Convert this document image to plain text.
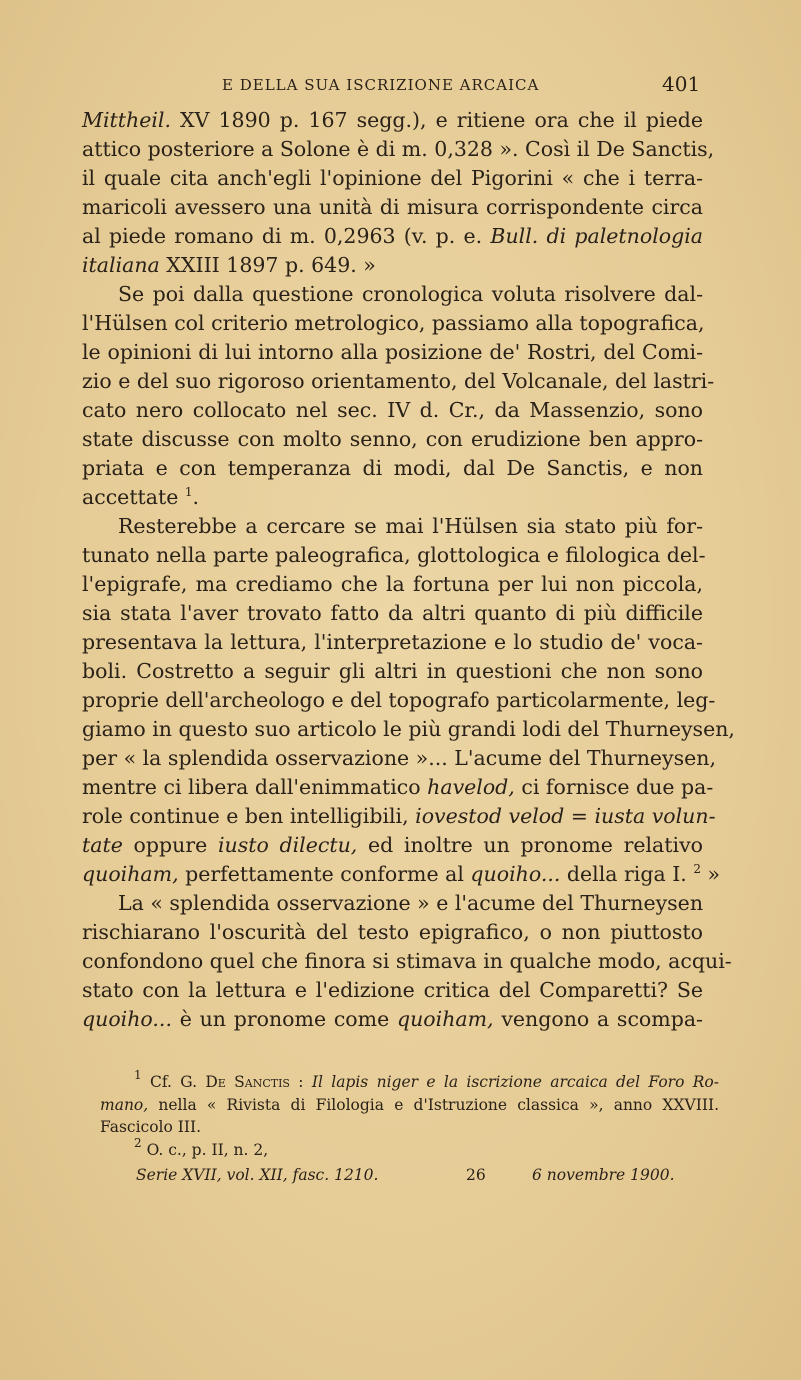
E DELLA SUA ISCRIZIONE ARCAICA	401
Mittheil. XV 1890 p. 167 segg.), e ritiene ora che il piede
attico posteriore a Solone è di m. 0,328 ». Così il De Sanctis,
il quale cita anch'egli l'opinione del Pigorini « che i terra-
maricoli avessero una unità di misura corrispondente circa
al piede romano di m. 0,2963 (v. p. e. Bull. di paletnologia
italiana XXIII 1897 p. 649. »
Se poi dalla questione cronologica voluta risolvere dal-
l'Hülsen col criterio metrologico, passiamo alla topografica,
le opinioni di lui intorno alla posizione de' Rostri, del Comi-
zio e del suo rigoroso orientamento, del Volcanale, del lastri-
cato nero collocato nel sec. IV d. Cr., da Massenzio, sono
state discusse con molto senno, con erudizione ben appro-
priata e con temperanza di modi, dal De Sanctis, e non
accettate $^1$.
Resterebbe a cercare se mai l'Hülsen sia stato più for-
tunato nella parte paleografica, glottologica e filologica del-
l'epigrafe, ma crediamo che la fortuna per lui non piccola,
sia stata l'aver trovato fatto da altri quanto di più difficile
presentava la lettura, l'interpretazione e lo studio de' voca-
boli. Costretto a seguir gli altri in questioni che non sono
proprie dell'archeologo e del topografo particolarmente, leg-
giamo in questo suo articolo le più grandi lodi del Thurneysen,
per « la splendida osservazione »... L'acume del Thurneysen,
mentre ci libera dall'enimmatico havelod, ci fornisce due pa-
role continue e ben intelligibili, iovestod velod = iusta volun-
tate oppure iusto dilectu, ed inoltre un pronome relativo
quoiham, perfettamente conforme al quoiho... della riga I. $^2$ »
La « splendida osservazione » e l'acume del Thurneysen
rischiarano l'oscurità del testo epigrafico, o non piuttosto
confondono quel che finora si stimava in qualche modo, acqui-
stato con la lettura e l'edizione critica del Comparetti? Se
quoiho... è un pronome come quoiham, vengono a scompa-
$^1$ Cf. G. De Sanctis : Il lapis niger e la iscrizione arcaica del Foro Ro-
mano, nella « Rivista di Filologia e d'Istruzione classica », anno XXVIII.
Fascicolo III.
$^2$ O. c., p. II, n. 2,
Serie XVII, vol. XII, fasc. 1210.	26	6 novembre 1900.
